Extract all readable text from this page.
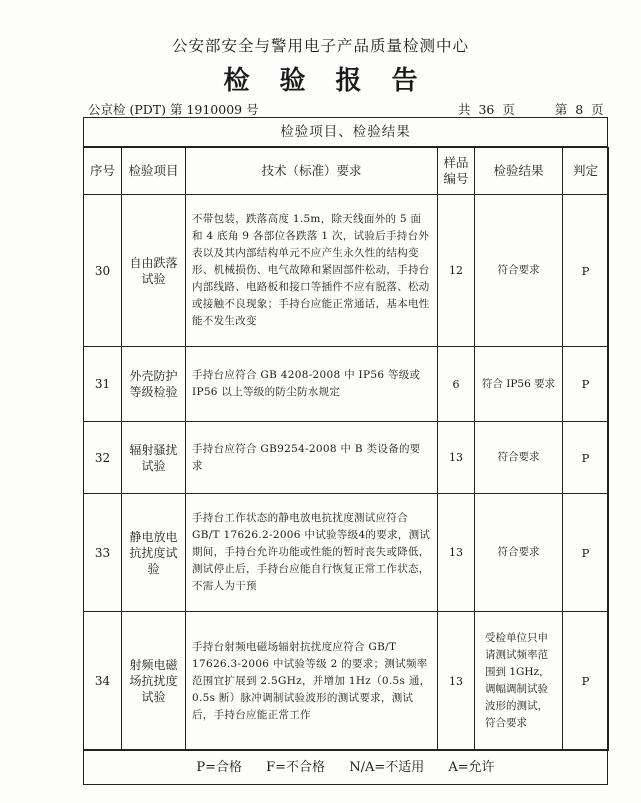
公安部安全与警用电子产品质量检测中心
检验报告
公京检 (PDT) 第 1910009 号	共 36 页	第 8 页
检验项目、检验结果
序号	检验项目	技术（标准）要求	样品编号	检验结果	判定
30	自由跌落试验	不带包装，跌落高度 1.5m，除天线面外的 5 面和 4 底角 9 各部位各跌落 1 次，试验后手持台外表以及其内部结构单元不应产生永久性的结构变形、机械损伤、电气故障和紧固部件松动，手持台内部线路、电路板和接口等插件不应有脱落、松动或接触不良现象；手持台应能正常通话，基本电性能不发生改变	12	符合要求	P
31	外壳防护等级检验	手持台应符合 GB 4208-2008 中 IP56 等级或 IP56 以上等级的防尘防水规定	6	符合 IP56 要求	P
32	辐射骚扰试验	手持台应符合 GB9254-2008 中 B 类设备的要求	13	符合要求	P
33	静电放电抗扰度试验	手持台工作状态的静电放电抗扰度测试应符合 GB/T 17626.2-2006 中试验等级4的要求，测试期间，手持台允许功能或性能的暂时丧失或降低，测试停止后，手持台应能自行恢复正常工作状态，不需人为干预	13	符合要求	P
34	射频电磁场抗扰度试验	手持台射频电磁场辐射抗扰度应符合 GB/T 17626.3-2006 中试验等级 2 的要求；测试频率范围宜扩展到 2.5GHz，并增加 1Hz（0.5s 通，0.5s 断）脉冲调制试验波形的测试要求，测试后，手持台应能正常工作	13	受检单位只申请测试频率范围到 1GHz，调幅调制试验波形的测试，符合要求	P
P=合格 F=不合格 N/A=不适用 A=允许
